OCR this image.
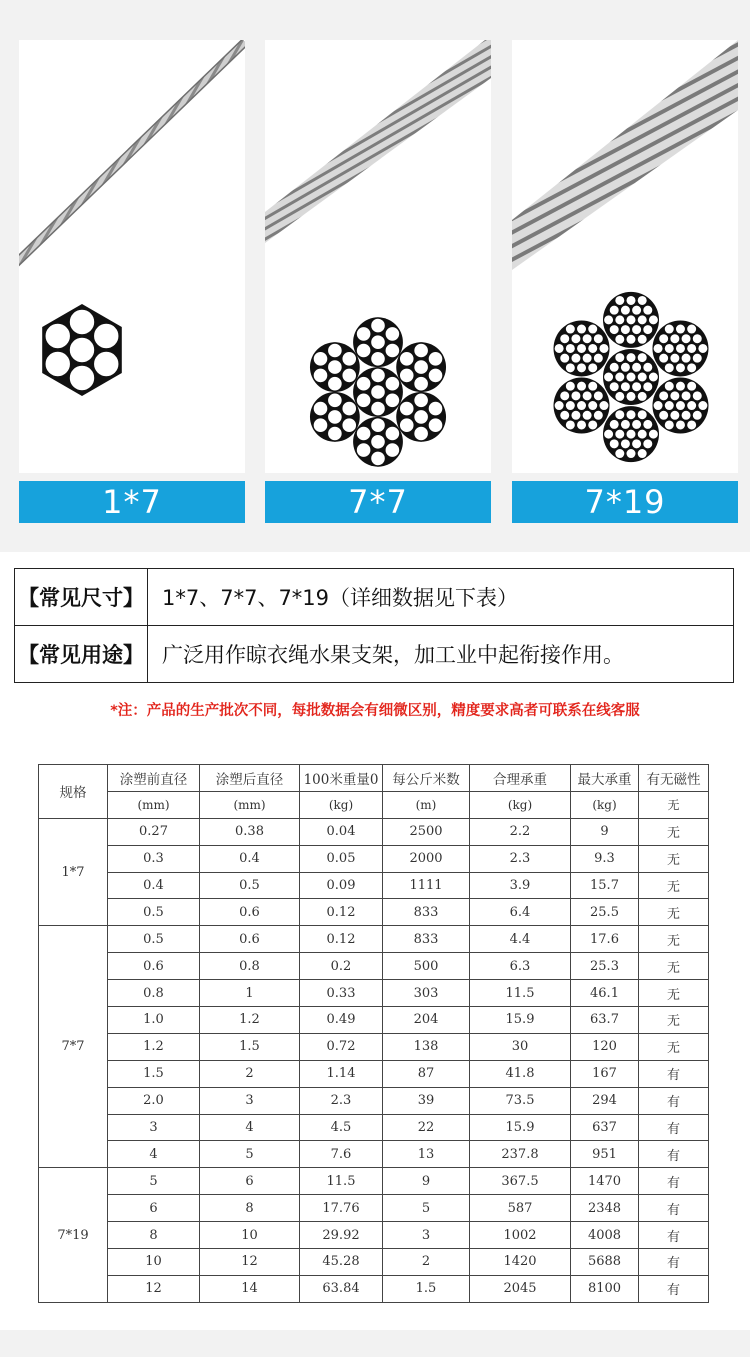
1*7	7*7	7*19
【常见尺寸】 1*7、7*7、7*19（详细数据见下表）
【常见用途】 广泛用作晾衣绳水果支架，加工业中起衔接作用。
*注：产品的生产批次不同，每批数据会有细微区别，精度要求高者可联系在线客服
规格	涂塑前直径	涂塑后直径	100米重量0	每公斤米数	合理承重	最大承重	有无磁性
	(mm)	(mm)	(kg)	(m)	(kg)	(kg)	无
1*7	0.27	0.38	0.04	2500	2.2	9	无
	0.3	0.4	0.05	2000	2.3	9.3	无
	0.4	0.5	0.09	1111	3.9	15.7	无
	0.5	0.6	0.12	833	6.4	25.5	无
7*7	0.5	0.6	0.12	833	4.4	17.6	无
	0.6	0.8	0.2	500	6.3	25.3	无
	0.8	1	0.33	303	11.5	46.1	无
	1.0	1.2	0.49	204	15.9	63.7	无
	1.2	1.5	0.72	138	30	120	无
	1.5	2	1.14	87	41.8	167	有
	2.0	3	2.3	39	73.5	294	有
	3	4	4.5	22	15.9	637	有
	4	5	7.6	13	237.8	951	有
7*19	5	6	11.5	9	367.5	1470	有
	6	8	17.76	5	587	2348	有
	8	10	29.92	3	1002	4008	有
	10	12	45.28	2	1420	5688	有
	12	14	63.84	1.5	2045	8100	有
